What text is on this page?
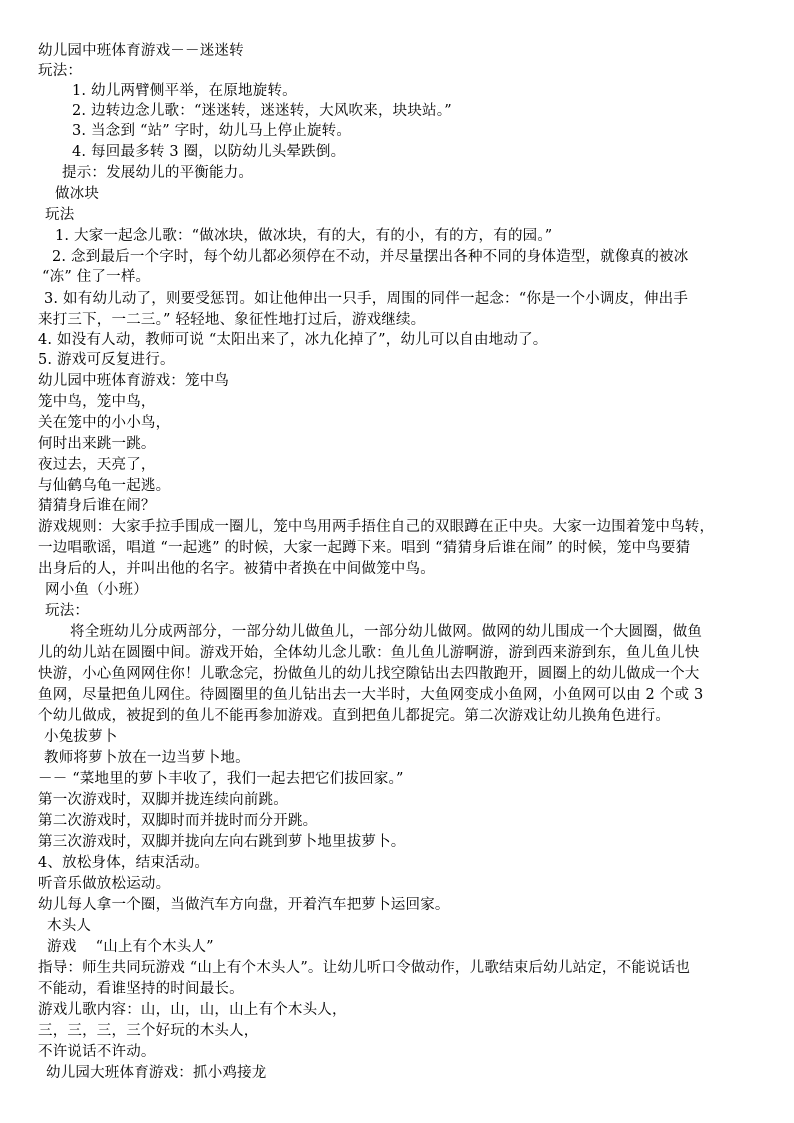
幼儿园中班体育游戏－－迷迷转
玩法：
1. 幼儿两臂侧平举，在原地旋转。
2. 边转边念儿歌：“迷迷转，迷迷转，大风吹来，块块站。”
3. 当念到 “站” 字时，幼儿马上停止旋转。
4. 每回最多转 3 圈，以防幼儿头晕跌倒。
提示：发展幼儿的平衡能力。
做冰块
玩法
1. 大家一起念儿歌：“做冰块，做冰块，有的大，有的小，有的方，有的园。”
2. 念到最后一个字时，每个幼儿都必须停在不动，并尽量摆出各种不同的身体造型，就像真的被冰
“冻” 住了一样。
3. 如有幼儿动了，则要受惩罚。如让他伸出一只手，周围的同伴一起念：“你是一个小调皮，伸出手
来打三下，一二三。” 轻轻地、象征性地打过后，游戏继续。
4. 如没有人动，教师可说 “太阳出来了，冰九化掉了”，幼儿可以自由地动了。
5. 游戏可反复进行。
幼儿园中班体育游戏：笼中鸟
笼中鸟，笼中鸟，
关在笼中的小小鸟，
何时出来跳一跳。
夜过去，天亮了，
与仙鹤乌龟一起逃。
猜猜身后谁在闹？
游戏规则：大家手拉手围成一圈儿，笼中鸟用两手捂住自己的双眼蹲在正中央。大家一边围着笼中鸟转，
一边唱歌谣，唱道 “一起逃” 的时候，大家一起蹲下来。唱到 “猜猜身后谁在闹” 的时候，笼中鸟要猜
出身后的人，并叫出他的名字。被猜中者换在中间做笼中鸟。
网小鱼（小班）
玩法：
将全班幼儿分成两部分，一部分幼儿做鱼儿，一部分幼儿做网。做网的幼儿围成一个大圆圈，做鱼
儿的幼儿站在圆圈中间。游戏开始，全体幼儿念儿歌：鱼儿鱼儿游啊游，游到西来游到东，鱼儿鱼儿快
快游，小心鱼网网住你！儿歌念完，扮做鱼儿的幼儿找空隙钻出去四散跑开，圆圈上的幼儿做成一个大
鱼网，尽量把鱼儿网住。待圆圈里的鱼儿钻出去一大半时，大鱼网变成小鱼网，小鱼网可以由 2 个或 3
个幼儿做成，被捉到的鱼儿不能再参加游戏。直到把鱼儿都捉完。第二次游戏让幼儿换角色进行。
小兔拔萝卜
教师将萝卜放在一边当萝卜地。
－－ “菜地里的萝卜丰收了，我们一起去把它们拔回家。”
第一次游戏时，双脚并拢连续向前跳。
第二次游戏时，双脚时而并拢时而分开跳。
第三次游戏时，双脚并拢向左向右跳到萝卜地里拔萝卜。
4、放松身体，结束活动。
听音乐做放松运动。
幼儿每人拿一个圈，当做汽车方向盘，开着汽车把萝卜运回家。
木头人
游戏    “山上有个木头人”
指导：师生共同玩游戏 “山上有个木头人”。让幼儿听口令做动作，儿歌结束后幼儿站定，不能说话也
不能动，看谁坚持的时间最长。
游戏儿歌内容：山，山，山，山上有个木头人，
三，三，三，三个好玩的木头人，
不许说话不许动。
幼儿园大班体育游戏：抓小鸡接龙
